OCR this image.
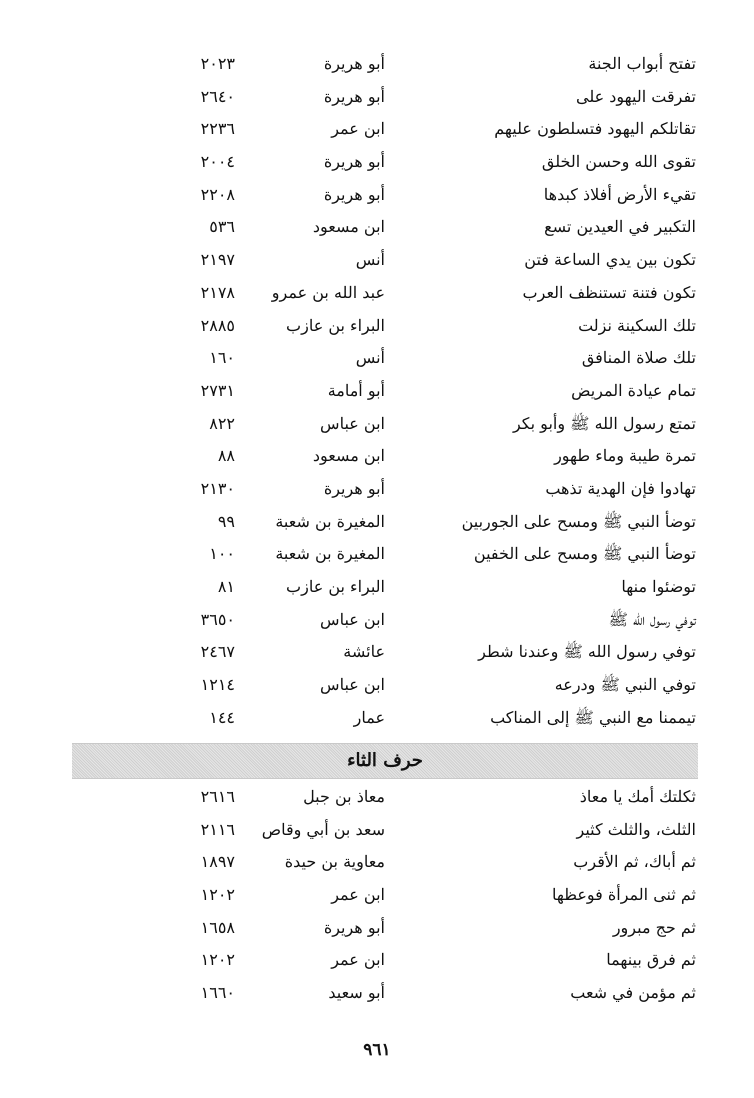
تفتح أبواب الجنة
أبو هريرة
٢٠٢٣
تفرقت اليهود على
أبو هريرة
٢٦٤٠
تقاتلكم اليهود فتسلطون عليهم
ابن عمر
٢٢٣٦
تقوى الله وحسن الخلق
أبو هريرة
٢٠٠٤
تقيء الأرض أفلاذ كبدها
أبو هريرة
٢٢٠٨
التكبير في العيدين تسع
ابن مسعود
٥٣٦
تكون بين يدي الساعة فتن
أنس
٢١٩٧
تكون فتنة تستنظف العرب
عبد الله بن عمرو
٢١٧٨
تلك السكينة نزلت
البراء بن عازب
٢٨٨٥
تلك صلاة المنافق
أنس
١٦٠
تمام عيادة المريض
أبو أمامة
٢٧٣١
تمتع رسول الله ﷺ وأبو بكر
ابن عباس
٨٢٢
تمرة طيبة وماء طهور
ابن مسعود
٨٨
تهادوا فإن الهدية تذهب
أبو هريرة
٢١٣٠
توضأ النبي ﷺ ومسح على الجوربين
المغيرة بن شعبة
٩٩
توضأ النبي ﷺ ومسح على الخفين
المغيرة بن شعبة
١٠٠
توضئوا منها
البراء بن عازب
٨١
توفي رسول الله ﷺ
ابن عباس
٣٦٥٠
توفي رسول الله ﷺ وعندنا شطر
عائشة
٢٤٦٧
توفي النبي ﷺ ودرعه
ابن عباس
١٢١٤
تيممنا مع النبي ﷺ إلى المناكب
عمار
١٤٤
حرف الثاء
ثكلتك أمك يا معاذ
معاذ بن جبل
٢٦١٦
الثلث، والثلث كثير
سعد بن أبي وقاص
٢١١٦
ثم أباك، ثم الأقرب
معاوية بن حيدة
١٨٩٧
ثم ثنى المرأة فوعظها
ابن عمر
١٢٠٢
ثم حج مبرور
أبو هريرة
١٦٥٨
ثم فرق بينهما
ابن عمر
١٢٠٢
ثم مؤمن في شعب
أبو سعيد
١٦٦٠
٩٦١
